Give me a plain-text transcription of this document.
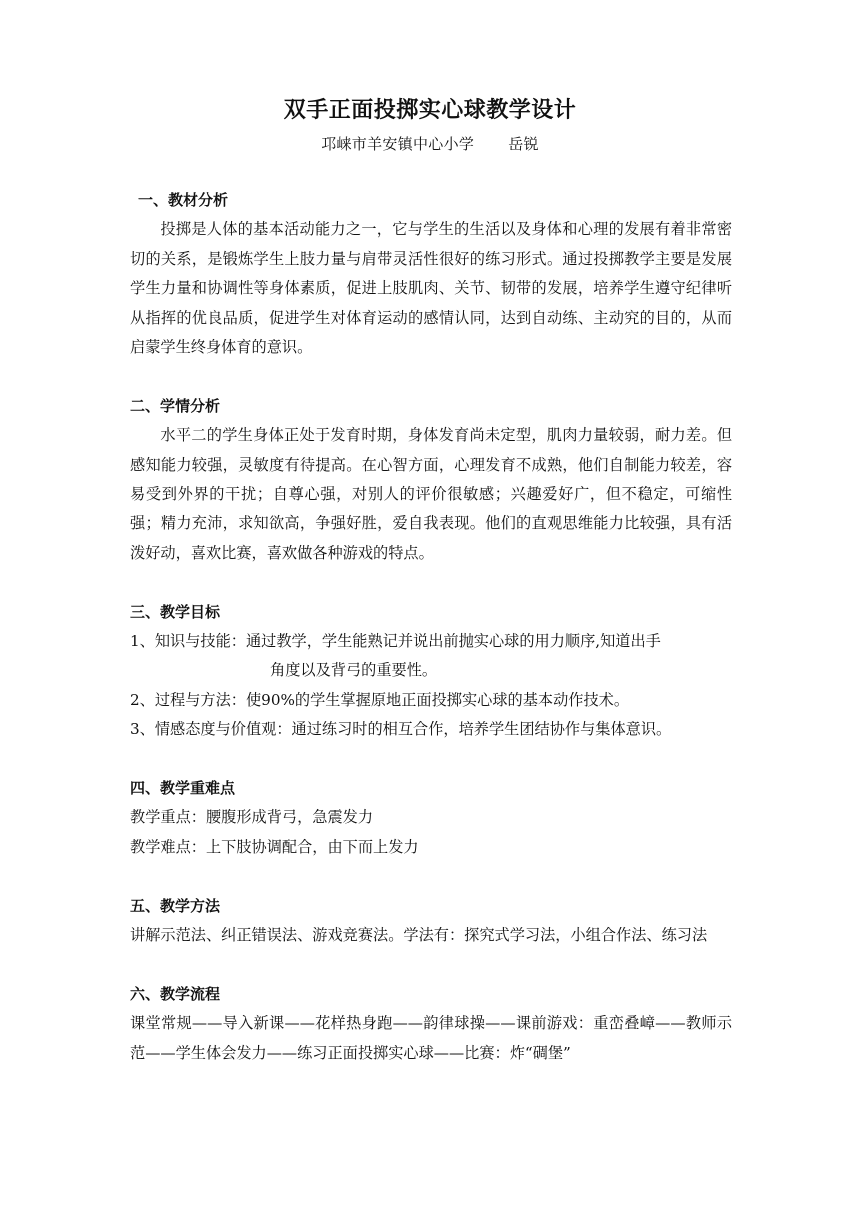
双手正面投掷实心球教学设计
邛崃市羊安镇中心小学 岳锐
一、教材分析

投掷是人体的基本活动能力之一，它与学生的生活以及身体和心理的发展有着非常密切的关系，是锻炼学生上肢力量与肩带灵活性很好的练习形式。通过投掷教学主要是发展学生力量和协调性等身体素质，促进上肢肌肉、关节、韧带的发展，培养学生遵守纪律听从指挥的优良品质，促进学生对体育运动的感情认同，达到自动练、主动究的目的，从而启蒙学生终身体育的意识。

二、学情分析

水平二的学生身体正处于发育时期，身体发育尚未定型，肌肉力量较弱，耐力差。但感知能力较强，灵敏度有待提高。在心智方面，心理发育不成熟，他们自制能力较差，容易受到外界的干扰；自尊心强，对别人的评价很敏感；兴趣爱好广，但不稳定，可缩性强；精力充沛，求知欲高，争强好胜，爱自我表现。他们的直观思维能力比较强，具有活泼好动，喜欢比赛，喜欢做各种游戏的特点。

三、教学目标
1、知识与技能：通过教学，学生能熟记并说出前抛实心球的用力顺序,知道出手
角度以及背弓的重要性。

2、过程与方法：使90%的学生掌握原地正面投掷实心球的基本动作技术。

3、情感态度与价值观：通过练习时的相互合作，培养学生团结协作与集体意识。

四、教学重难点

教学重点：腰腹形成背弓，急震发力

教学难点：上下肢协调配合，由下而上发力

五、教学方法

讲解示范法、纠正错误法、游戏竞赛法。学法有：探究式学习法，小组合作法、练习法

六、教学流程

课堂常规——导入新课——花样热身跑——韵律球操——课前游戏：重峦叠嶂——教师示范——学生体会发力——练习正面投掷实心球——比赛：炸“碉堡”
